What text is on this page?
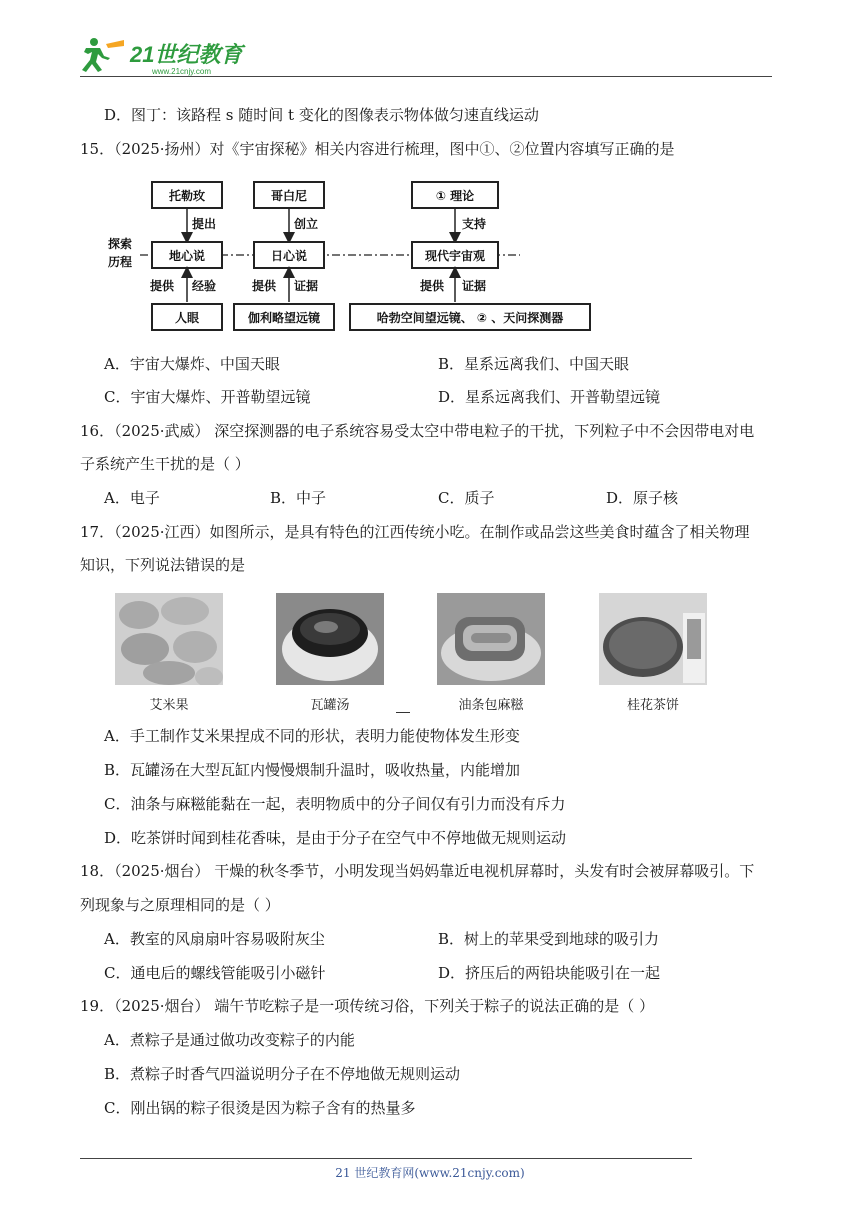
21世纪教育
www.21cnjy.com
D．图丁：该路程 s 随时间 t 变化的图像表示物体做匀速直线运动
15．（2025·扬州）对《宇宙探秘》相关内容进行梳理，图中①、②位置内容填写正确的是
探索
历程
托勒玫	哥白尼	① 理论
提出	创立	支持
地心说	日心说	现代宇宙观
提供 经验	提供 证据	提供 证据
人眼	伽利略望远镜	哈勃空间望远镜、 ② 、天问探测器
A．宇宙大爆炸、中国天眼	B．星系远离我们、中国天眼
C．宇宙大爆炸、开普勒望远镜	D．星系远离我们、开普勒望远镜
16．（2025·武威） 深空探测器的电子系统容易受太空中带电粒子的干扰，下列粒子中不会因带电对电
子系统产生干扰的是（ ）
A．电子	B．中子	C．质子	D．原子核
17．（2025·江西）如图所示，是具有特色的江西传统小吃。在制作或品尝这些美食时蕴含了相关物理
知识，下列说法错误的是
艾米果	瓦罐汤	油条包麻糍	桂花茶饼
A．手工制作艾米果捏成不同的形状，表明力能使物体发生形变
B．瓦罐汤在大型瓦缸内慢慢煨制升温时，吸收热量，内能增加
C．油条与麻糍能黏在一起，表明物质中的分子间仅有引力而没有斥力
D．吃茶饼时闻到桂花香味，是由于分子在空气中不停地做无规则运动
18．（2025·烟台） 干燥的秋冬季节，小明发现当妈妈靠近电视机屏幕时，头发有时会被屏幕吸引。下
列现象与之原理相同的是（ ）
A．教室的风扇扇叶容易吸附灰尘	B．树上的苹果受到地球的吸引力
C．通电后的螺线管能吸引小磁针	D．挤压后的两铅块能吸引在一起
19．（2025·烟台） 端午节吃粽子是一项传统习俗，下列关于粽子的说法正确的是（ ）
A．煮粽子是通过做功改变粽子的内能
B．煮粽子时香气四溢说明分子在不停地做无规则运动
C．刚出锅的粽子很烫是因为粽子含有的热量多
21 世纪教育网(www.21cnjy.com)
